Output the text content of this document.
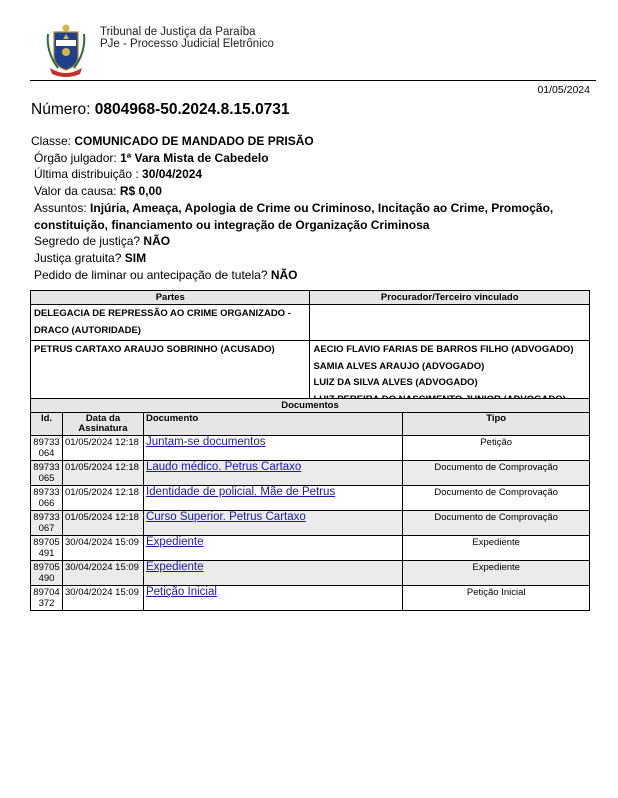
Tribunal de Justiça da Paraíba
PJe - Processo Judicial Eletrônico
01/05/2024
Número: 0804968-50.2024.8.15.0731
Classe: COMUNICADO DE MANDADO DE PRISÃO
Órgão julgador: 1ª Vara Mista de Cabedelo
Última distribuição : 30/04/2024
Valor da causa: R$ 0,00
Assuntos: Injúria, Ameaça, Apologia de Crime ou Criminoso, Incitação ao Crime, Promoção, constituição, financiamento ou integração de Organização Criminosa
Segredo de justiça? NÃO
Justiça gratuita? SIM
Pedido de liminar ou antecipação de tutela? NÃO
Partes	Procurador/Terceiro vinculado
DELEGACIA DE REPRESSÃO AO CRIME ORGANIZADO - DRACO (AUTORIDADE)	
PETRUS CARTAXO ARAUJO SOBRINHO (ACUSADO)	AECIO FLAVIO FARIAS DE BARROS FILHO (ADVOGADO)
SAMIA ALVES ARAUJO (ADVOGADO)
LUIZ DA SILVA ALVES (ADVOGADO)
Documentos			
Id.	Data da Assinatura	Documento	Tipo

89733
064	01/05/2024 12:18	Juntam-se documentos	Petição

89733
065	01/05/2024 12:18	Laudo médico. Petrus Cartaxo	Documento de Comprovação

89733
066	01/05/2024 12:18	Identidade de policial. Mãe de Petrus	Documento de Comprovação

89733
067	01/05/2024 12:18	Curso Superior. Petrus Cartaxo	Documento de Comprovação

89705
491	30/04/2024 15:09	Expediente	Expediente

89705
490	30/04/2024 15:09	Expediente	Expediente

89704
372	30/04/2024 15:09	Petição Inicial	Petição Inicial
